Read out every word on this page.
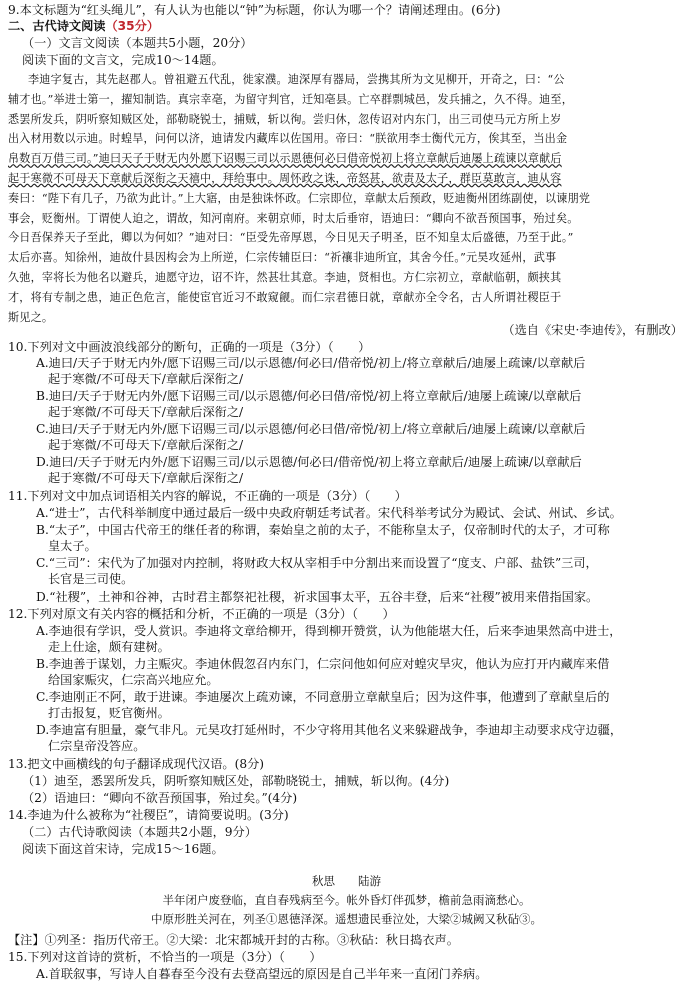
9.本文标题为“红头绳儿”，有人认为也能以“钟”为标题，你认为哪一个？请阐述理由。(6分)
二、古代诗文阅读（35分）
（一）文言文阅读（本题共5小题，20分）
阅读下面的文言文，完成10～14题。
李迪字复古，其先赵郡人。曾祖避五代乱，徙家濮。迪深厚有器局，尝携其所为文见柳开，开奇之，曰：“公
辅才也。”举进士第一，擢知制诰。真宗幸亳，为留守判官，迁知亳县。亡卒群剽城邑，发兵捕之，久不得。迪至，
悉罢所发兵，阴听察知贼区处，部勒晓锐士，捕贼，斩以徇。尝归休，忽传诏对内东门，出三司使马元方所上岁
出入材用数以示迪。时蝗旱，问何以济，迪请发内藏库以佐国用。帝曰：“朕欲用李士衡代元方，俟其至，当出金
帛数百万借三司。”迪曰天子于财无内外愿下诏赐三司以示恩德何必曰借帝悦初上将立章献后迪屡上疏谏以章献后
起于寒微不可母天下章献后深衔之天禧中，拜给事中。周怀政之诛，帝怒甚，欲责及太子，群臣莫敢言，迪从容
奏曰：“陛下有几子，乃欲为此计。”上大寤，由是独诛怀政。仁宗即位，章献太后预政，贬迪衡州团练副使，以谏朋党
事会，贬衡州。丁谓使人迫之，谓故，知河南府。来朝京师，时太后垂帘，语迪曰：“卿向不欲吾预国事，殆过矣。
今日吾保养天子至此，卿以为何如？”迪对曰：“臣受先帝厚恩，今日见天子明圣，臣不知皇太后盛德，乃至于此。”
太后亦喜。知徐州，迪故什县因构会为上所逆，仁宗传辅臣曰：“祈禳非迪所宜，其舍今任。”元昊攻延州，武事
久弛，宰将长为他名以避兵，迪愿守边，诏不许，然甚壮其意。李迪，贤相也。方仁宗初立，章献临朝，颇挟其
才，将有专制之患，迪正色危言，能使宦官近习不敢窥觎。而仁宗君德日就，章献亦全令名，古人所谓社稷臣于
斯见之。
（选自《宋史·李迪传》，有删改）
10.下列对文中画波浪线部分的断句，正确的一项是（3分）（　　）
A.迪曰/天子于财无内外/愿下诏赐三司/以示恩德/何必曰/借帝悦/初上/将立章献后/迪屡上疏谏/以章献后
起于寒微/不可母天下/章献后深衔之/
B.迪曰/天子于财无内外/愿下诏赐三司/以示恩德/何必曰借/帝悦/初上将立章献后/迪屡上疏谏/以章献后
起于寒微/不可母天下/章献后深衔之/
C.迪曰/天子于财无内外/愿下诏赐三司/以示恩德/何必曰借/帝悦/初上/将立章献后/迪屡上疏谏/以章献后
起于寒微/不可母天下/章献后深衔之/
D.迪曰/天子于财无内外/愿下诏赐三司/以示恩德/何必曰/借帝悦/初上将立章献后/迪屡上疏谏/以章献后
起于寒微/不可母天下/章献后深衔之/
11.下列对文中加点词语相关内容的解说，不正确的一项是（3分）（　　）
A.“进士”，古代科举制度中通过最后一级中央政府朝廷考试者。宋代科举考试分为殿试、会试、州试、乡试。
B.“太子”，中国古代帝王的继任者的称谓，秦始皇之前的太子，不能称皇太子，仅帝制时代的太子，才可称
皇太子。
C.“三司”：宋代为了加强对内控制，将财政大权从宰相手中分割出来而设置了“度支、户部、盐铁”三司，
长官是三司使。
D.“社稷”，土神和谷神，古时君主都祭祀社稷，祈求国事太平，五谷丰登，后来“社稷”被用来借指国家。
12.下列对原文有关内容的概括和分析，不正确的一项是（3分）（　　）
A.李迪很有学识，受人赏识。李迪将文章给柳开，得到柳开赞赏，认为他能堪大任，后来李迪果然高中进士，
走上仕途，颇有建树。
B.李迪善于谋划，力主赈灾。李迪休假忽召内东门，仁宗问他如何应对蝗灾旱灾，他认为应打开内藏库来借
给国家赈灾，仁宗高兴地应允。
C.李迪刚正不阿，敢于进谏。李迪屡次上疏劝谏，不同意册立章献皇后；因为这件事，他遭到了章献皇后的
打击报复，贬官衡州。
D.李迪富有胆量，豪气非凡。元昊攻打延州时，不少守将用其他名义来躲避战争，李迪却主动要求戍守边疆，
仁宗皇帝没答应。
13.把文中画横线的句子翻译成现代汉语。(8分)
（1）迪至，悉罢所发兵，阴听察知贼区处，部勒晓锐士，捕贼，斩以徇。(4分)
（2）语迪曰：“卿向不欲吾预国事，殆过矣。”(4分)
14.李迪为什么被称为“社稷臣”，请简要说明。(3分)
（二）古代诗歌阅读（本题共2小题，9分）
阅读下面这首宋诗，完成15～16题。
秋思　　陆游
半年闭户废登临，直自春残病至今。帐外昏灯伴孤梦，檐前急雨滴愁心。
中原形胜关河在，列圣①恩德泽深。遥想遗民垂泣处，大梁②城阙又秋砧③。
【注】①列圣：指历代帝王。②大梁：北宋都城开封的古称。③秋砧：秋日捣衣声。
15.下列对这首诗的赏析，不恰当的一项是（3分）（　　）
A.首联叙事，写诗人自暮春至今没有去登高望远的原因是自己半年来一直闭门养病。
